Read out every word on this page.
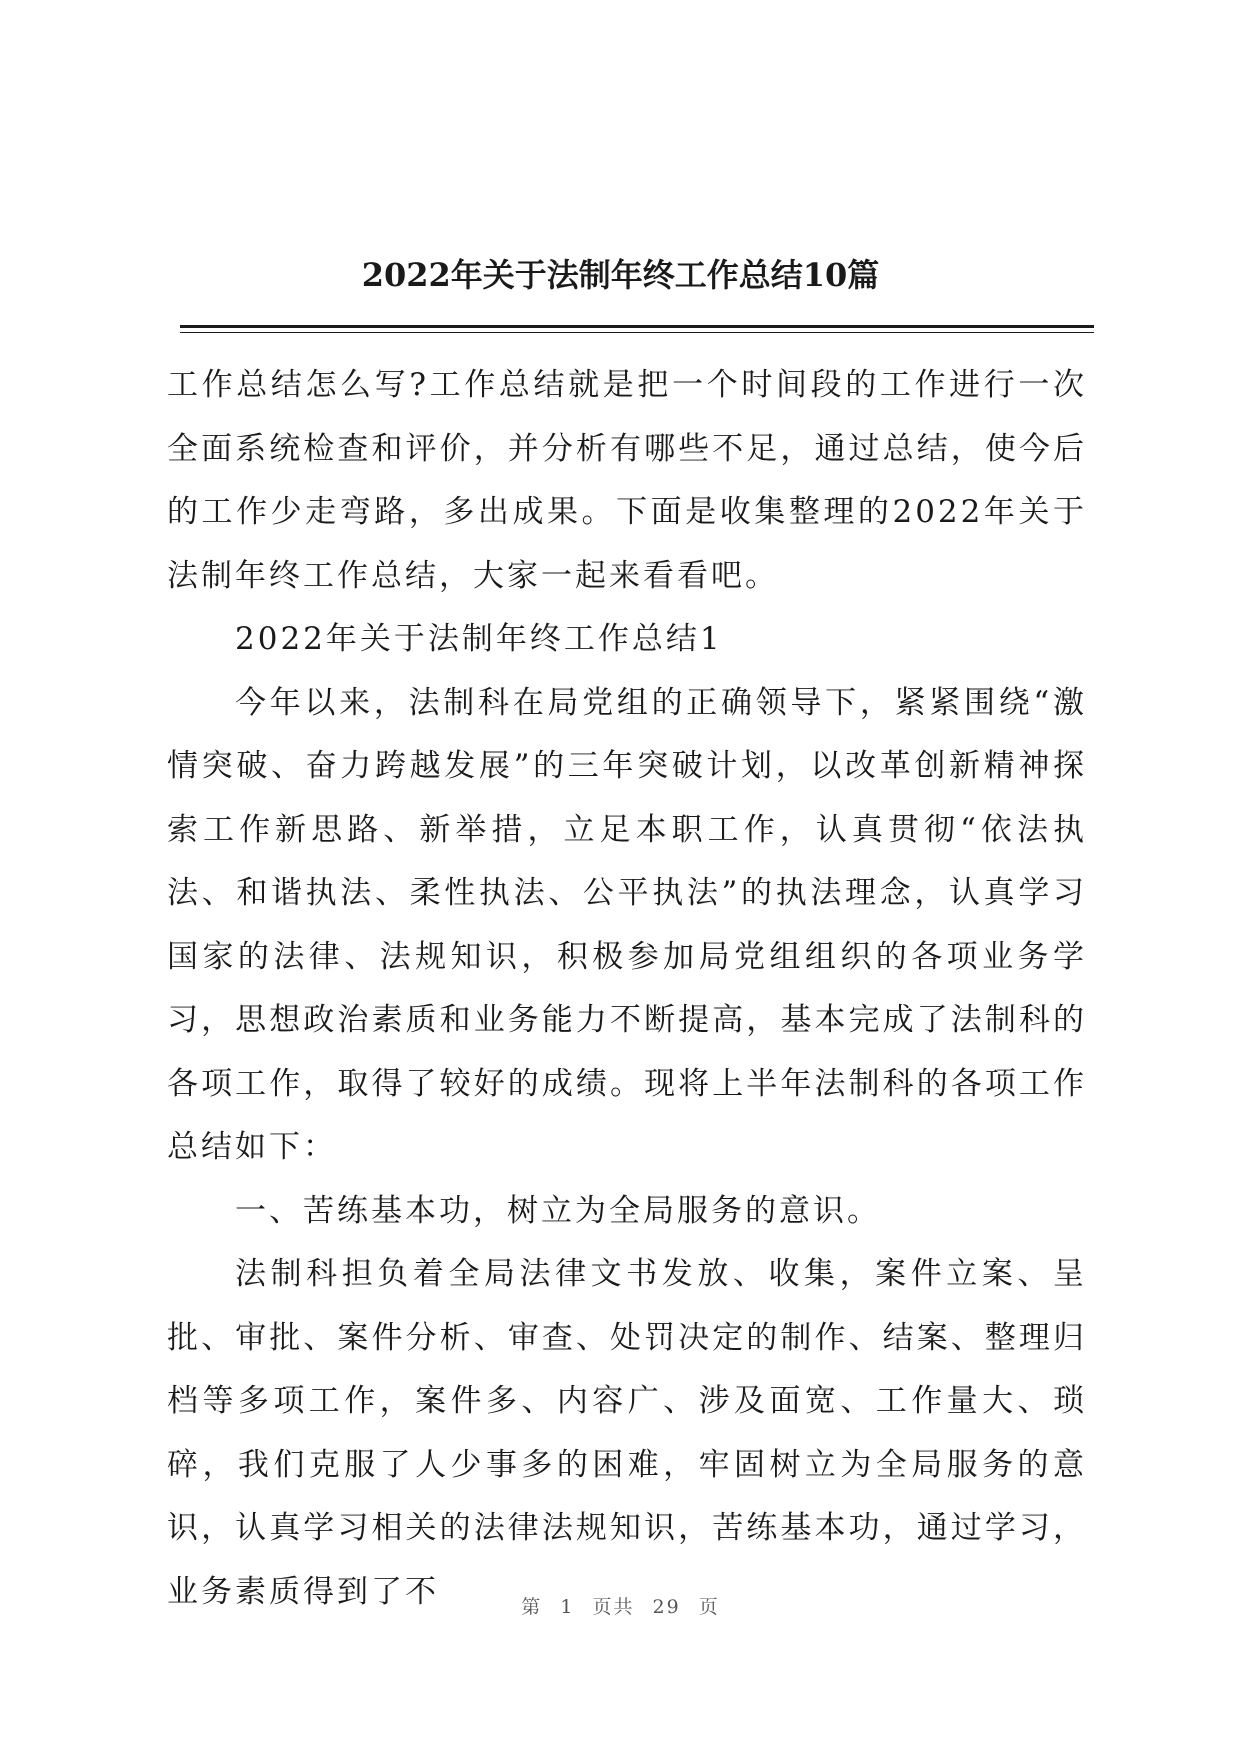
2022年关于法制年终工作总结10篇

工作总结怎么写?工作总结就是把一个时间段的工作进行一次全面系统检查和评价，并分析有哪些不足，通过总结，使今后的工作少走弯路，多出成果。下面是收集整理的2022年关于法制年终工作总结，大家一起来看看吧。

2022年关于法制年终工作总结1

今年以来，法制科在局党组的正确领导下，紧紧围绕“激情突破、奋力跨越发展”的三年突破计划，以改革创新精神探索工作新思路、新举措，立足本职工作，认真贯彻“依法执法、和谐执法、柔性执法、公平执法”的执法理念，认真学习国家的法律、法规知识，积极参加局党组组织的各项业务学习，思想政治素质和业务能力不断提高，基本完成了法制科的各项工作，取得了较好的成绩。现将上半年法制科的各项工作总结如下：

一、苦练基本功，树立为全局服务的意识。

法制科担负着全局法律文书发放、收集，案件立案、呈批、审批、案件分析、审查、处罚决定的制作、结案、整理归档等多项工作，案件多、内容广、涉及面宽、工作量大、琐碎，我们克服了人少事多的困难，牢固树立为全局服务的意识，认真学习相关的法律法规知识，苦练基本功，通过学习，业务素质得到了不	第 1 页共 29 页
